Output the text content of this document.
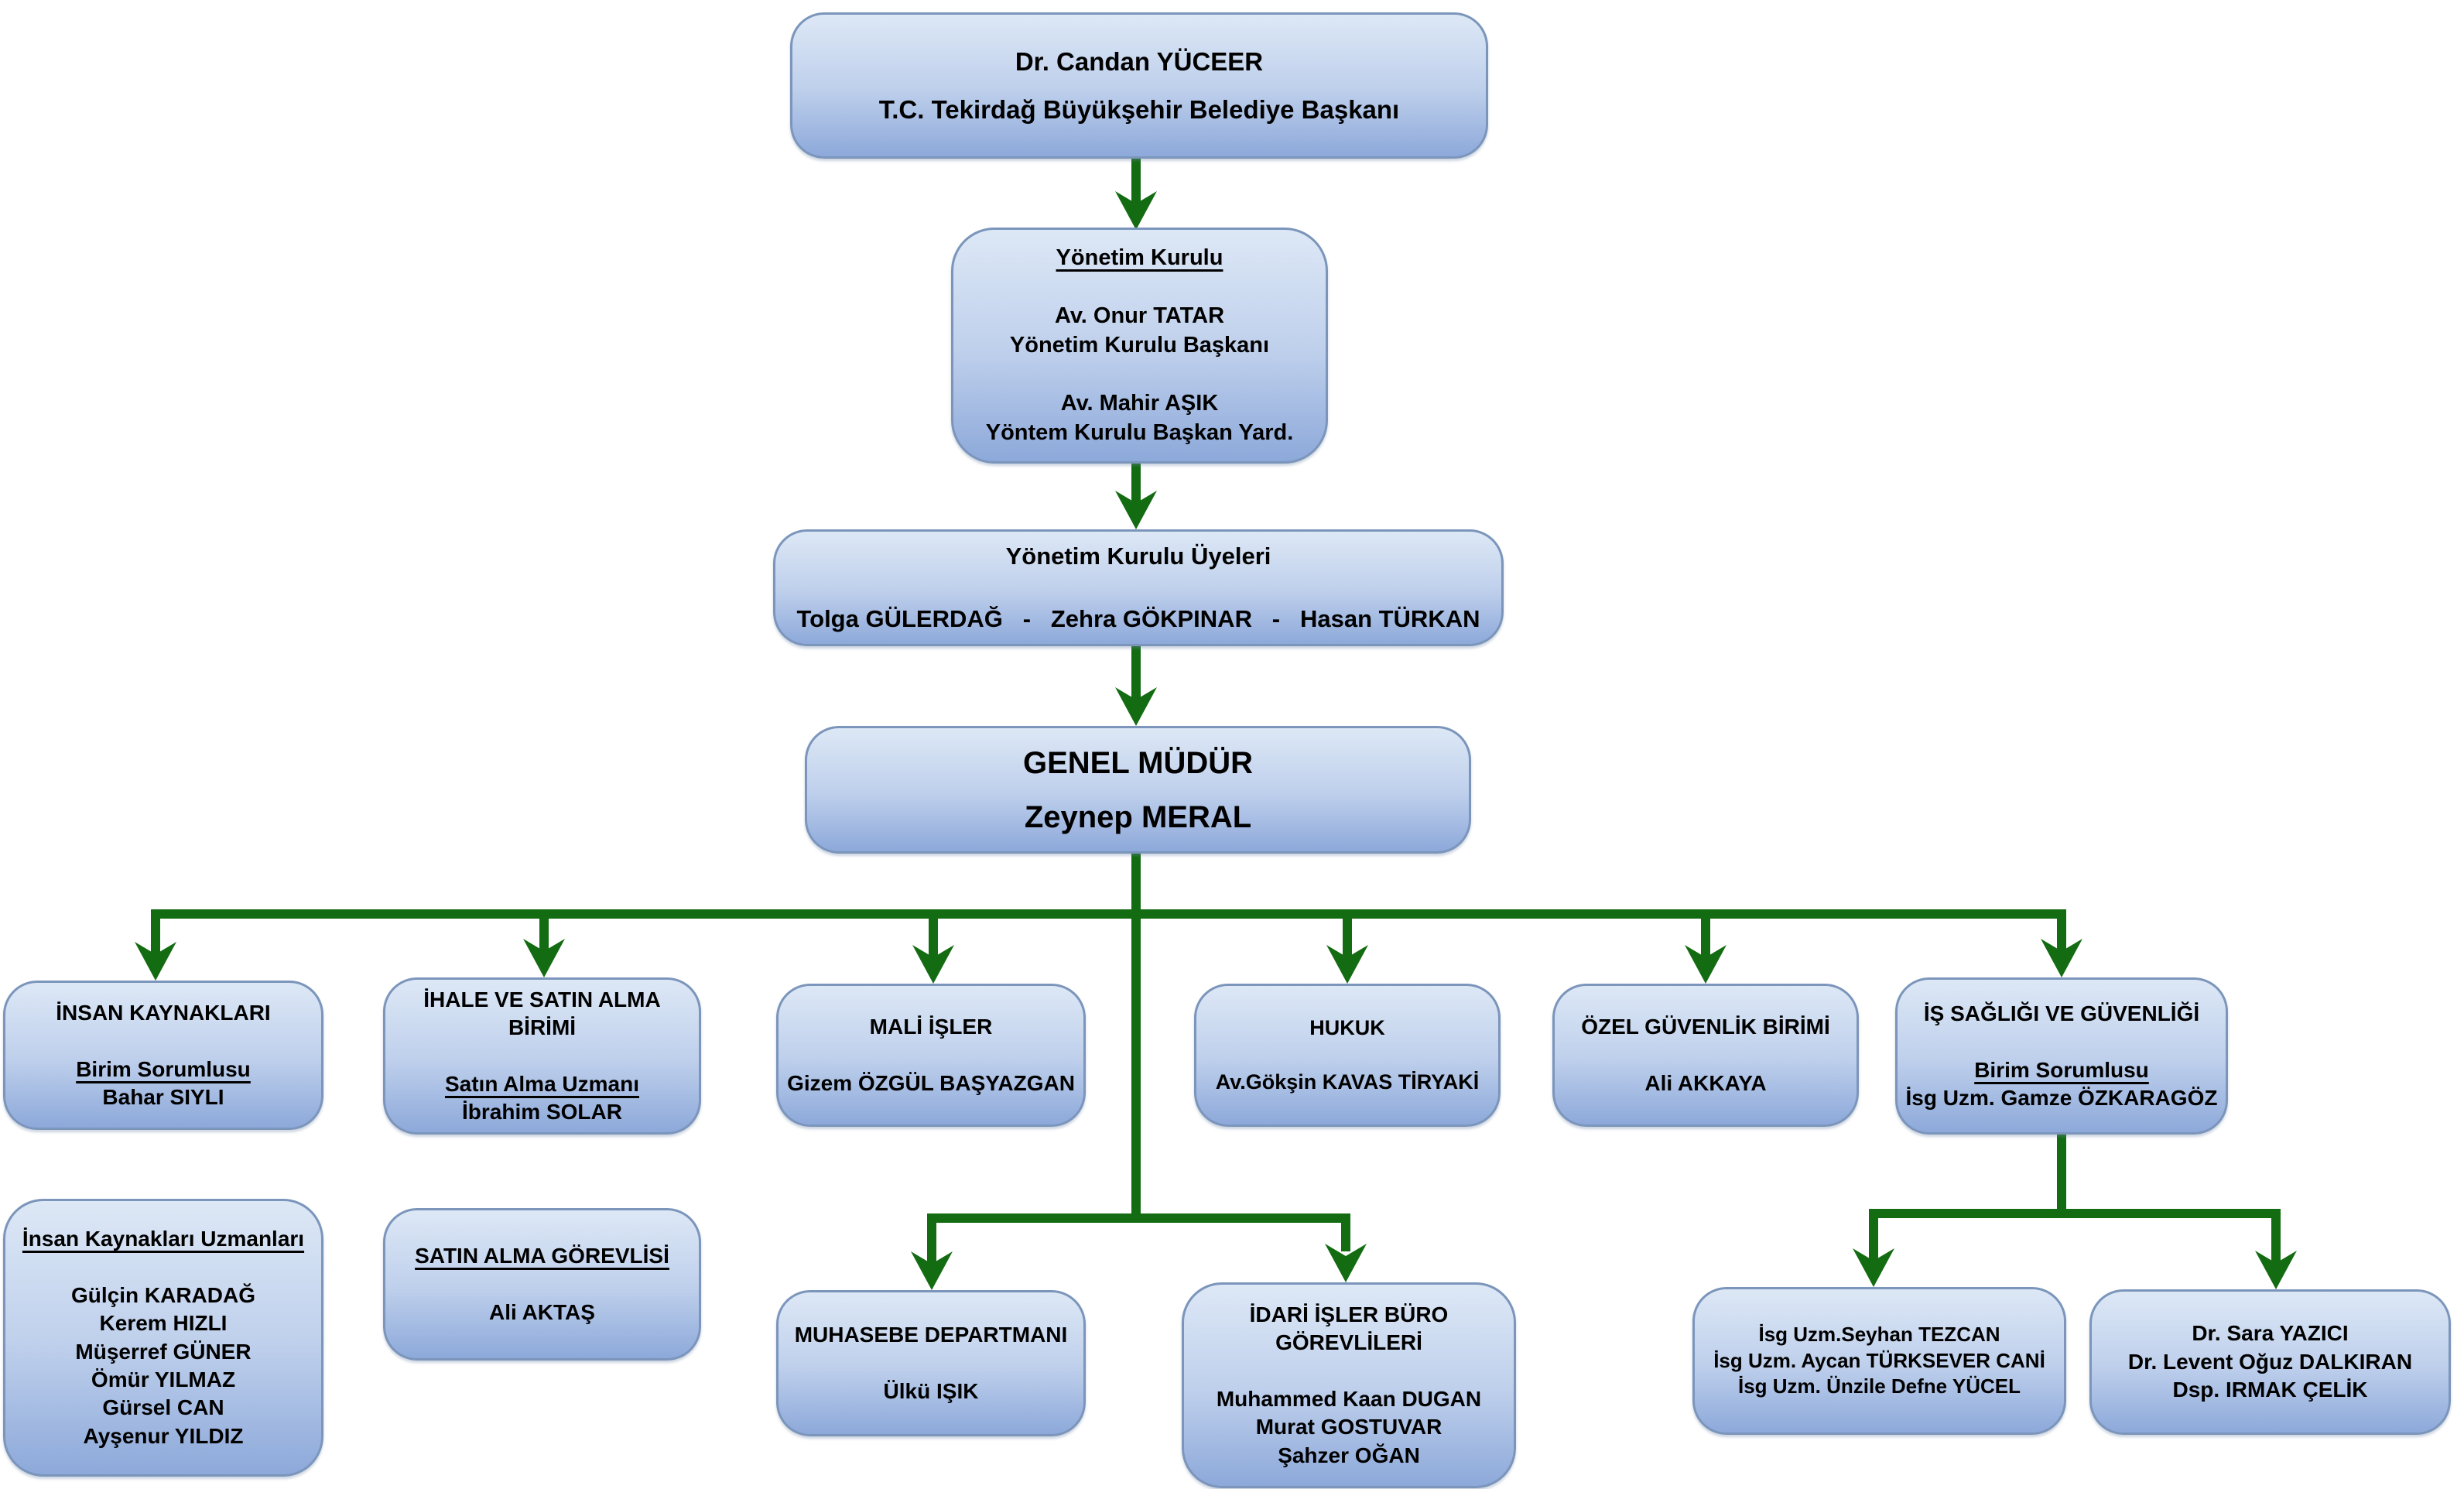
Dr. Candan YÜCEER
T.C. Tekirdağ Büyükşehir Belediye Başkanı
Yönetim Kurulu

Av. Onur TATAR
Yönetim Kurulu Başkanı

Av. Mahir AŞIK
Yöntem Kurulu Başkan Yard.
Yönetim Kurulu Üyeleri

Tolga GÜLERDAĞ   -   Zehra GÖKPINAR   -   Hasan TÜRKAN
GENEL MÜDÜR
Zeynep MERAL
İNSAN KAYNAKLARI

Birim Sorumlusu
Bahar SIYLI
İHALE VE SATIN ALMA
BİRİMİ

Satın Alma Uzmanı
İbrahim SOLAR
MALİ İŞLER

Gizem ÖZGÜL BAŞYAZGAN
HUKUK

Av.Gökşin KAVAS TİRYAKİ
ÖZEL GÜVENLİK BİRİMİ

Ali AKKAYA
İŞ SAĞLIĞI VE GÜVENLİĞİ

Birim Sorumlusu
İsg Uzm. Gamze ÖZKARAGÖZ
İnsan Kaynakları Uzmanları

Gülçin KARADAĞ
Kerem HIZLI
Müşerref GÜNER
Ömür YILMAZ
Gürsel CAN
Ayşenur YILDIZ
SATIN ALMA GÖREVLİSİ

Ali AKTAŞ
MUHASEBE DEPARTMANI

Ülkü IŞIK
İDARİ İŞLER BÜRO
GÖREVLİLERİ

Muhammed Kaan DUGAN
Murat GOSTUVAR
Şahzer OĞAN
İsg Uzm.Seyhan TEZCAN
İsg Uzm. Aycan TÜRKSEVER CANİ
İsg Uzm. Ünzile Defne YÜCEL
Dr. Sara YAZICI
Dr. Levent Oğuz DALKIRAN
Dsp. IRMAK ÇELİK
